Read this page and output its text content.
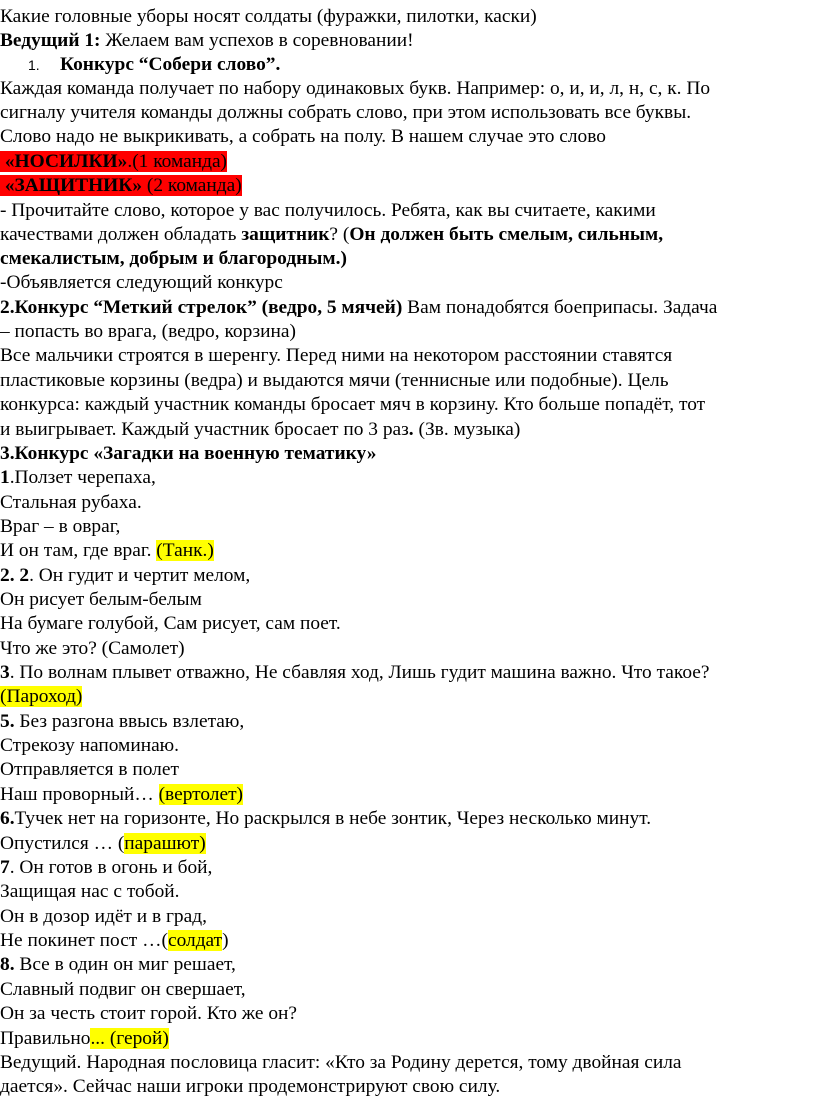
Какие головные уборы носят солдаты (фуражки, пилотки, каски)
Ведущий 1: Желаем вам успехов в соревновании!
1. Конкурс “Собери слово”.
Каждая команда получает по набору одинаковых букв. Например: о, и, и, л, н, с, к. По
сигналу учителя команды должны собрать слово, при этом использовать все буквы.
Слово надо не выкрикивать, а собрать на полу. В нашем случае это слово
«НОСИЛКИ».(1 команда)
«ЗАЩИТНИК» (2 команда)
- Прочитайте слово, которое у вас получилось. Ребята, как вы считаете, какими
качествами должен обладать защитник? (Он должен быть смелым, сильным,
смекалистым, добрым и благородным.)
-Объявляется следующий конкурс
2.Конкурс “Меткий стрелок” (ведро, 5 мячей) Вам понадобятся боеприпасы. Задача
– попасть во врага, (ведро, корзина)
Все мальчики строятся в шеренгу. Перед ними на некотором расстоянии ставятся
пластиковые корзины (ведра) и выдаются мячи (теннисные или подобные). Цель
конкурса: каждый участник команды бросает мяч в корзину. Кто больше попадёт, тот
и выигрывает. Каждый участник бросает по 3 раз. (Зв. музыка)
3.Конкурс «Загадки на военную тематику»
1.Ползет черепаха,
Стальная рубаха.
Враг – в овраг,
И он там, где враг. (Танк.)
2. 2. Он гудит и чертит мелом,
Он рисует белым-белым
На бумаге голубой, Сам рисует, сам поет.
Что же это? (Самолет)
3. По волнам плывет отважно, Не сбавляя ход, Лишь гудит машина важно. Что такое?
(Пароход)
5. Без разгона ввысь взлетаю,
Стрекозу напоминаю.
Отправляется в полет
Наш проворный… (вертолет)
6.Тучек нет на горизонте, Но раскрылся в небе зонтик, Через несколько минут.
Опустился … (парашют)
7. Он готов в огонь и бой,
Защищая нас с тобой.
Он в дозор идёт и в град,
Не покинет пост …(солдат)
8. Все в один он миг решает,
Славный подвиг он свершает,
Он за честь стоит горой. Кто же он?
Правильно... (герой)
Ведущий. Народная пословица гласит: «Кто за Родину дерется, тому двойная сила
дается». Сейчас наши игроки продемонстрируют свою силу.
